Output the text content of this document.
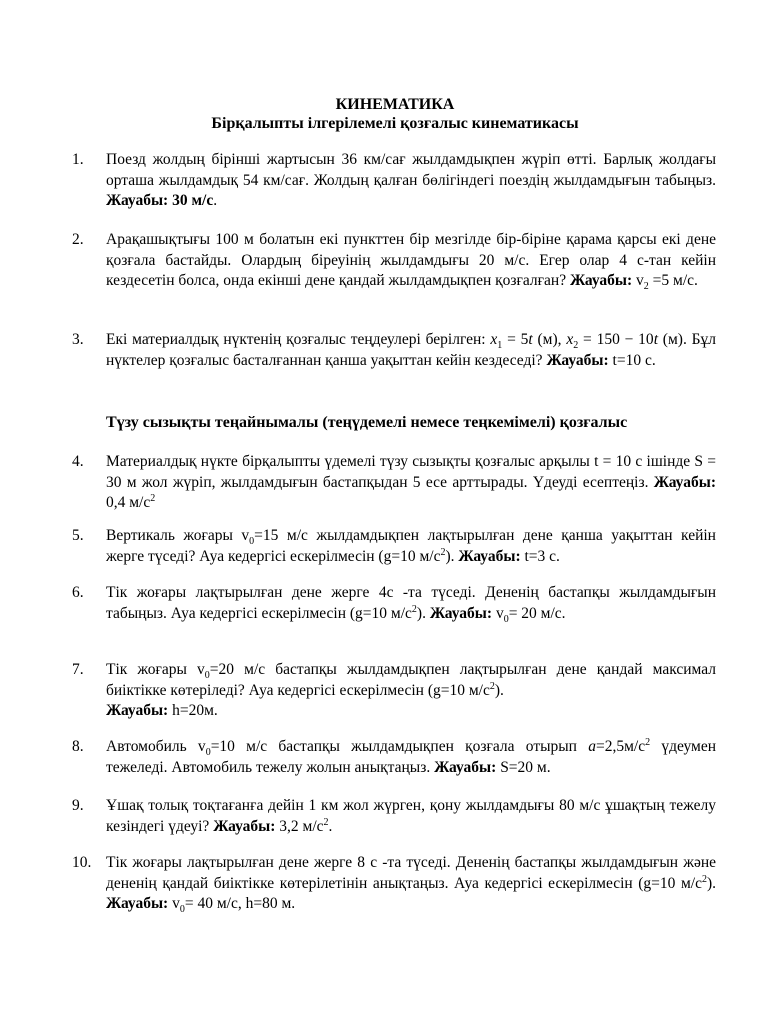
КИНЕМАТИКА
Бірқалыпты ілгерілемелі қозғалыс кинематикасы
1. Поезд жолдың бірінші жартысын 36 км/сағ жылдамдықпен жүріп өтті. Барлық жолдағы орташа жылдамдық 54 км/сағ. Жолдың қалған бөлігіндегі поездің жылдамдығын табыңыз. Жауабы: 30 м/с.
2. Арақашықтығы 100 м болатын екі пункттен бір мезгілде бір-біріне қарама қарсы екі дене қозғала бастайды. Олардың біреуінің жылдамдығы 20 м/с. Егер олар 4 с-тан кейін кездесетін болса, онда екінші дене қандай жылдамдықпен қозғалған? Жауабы: $v_2 =5$ м/с.
3. Екі материалдық нүктенің қозғалыс теңдеулері берілген: $x_1 = 5t$ (м), $x_2 = 150 - 10t$ (м). Бұл нүктелер қозғалыс басталғаннан қанша уақыттан кейін кездеседі? Жауабы: t=10 с.
Түзу сызықты теңайнымалы (теңүдемелі немесе теңкемімелі) қозғалыс
4. Материалдық нүкте бірқалыпты үдемелі түзу сызықты қозғалыс арқылы t = 10 с ішінде S = 30 м жол жүріп, жылдамдығын бастапқыдан 5 есе арттырады. Үдеуді есептеңіз. Жауабы: 0,4 $м/с^2$
5. Вертикаль жоғары $v_0=15$ м/с жылдамдықпен лақтырылған дене қанша уақыттан кейін жерге түседі? Ауа кедергісі ескерілмесін (g=10 $м/с^2$). Жауабы: t=3 с.
6. Тік жоғары лақтырылған дене жерге 4с -та түседі. Дененің бастапқы жылдамдығын табыңыз. Ауа кедергісі ескерілмесін (g=10 $м/с^2$). Жауабы: $v_0= 20$ м/с.
7. Тік жоғары $v_0=20$ м/с бастапқы жылдамдықпен лақтырылған дене қандай максимал биіктікке көтеріледі? Ауа кедергісі ескерілмесін (g=10 $м/с^2$).
Жауабы: h=20м.
8. Автомобиль $v_0=10$ м/с бастапқы жылдамдықпен қозғала отырып $a=2,5м/с^2$ үдеумен тежеледі. Автомобиль тежелу жолын анықтаңыз. Жауабы: S=20 м.
9. Ұшақ толық тоқтағанға дейін 1 км жол жүрген, қону жылдамдығы 80 м/с ұшақтың тежелу кезіндегі үдеуі? Жауабы: 3,2 $м/с^2$.
10. Тік жоғары лақтырылған дене жерге 8 с -та түседі. Дененің бастапқы жылдамдығын және дененің қандай биіктікке көтерілетінін анықтаңыз. Ауа кедергісі ескерілмесін (g=10 $м/с^2$). Жауабы: $v_0= 40$ м/с, h=80 м.
